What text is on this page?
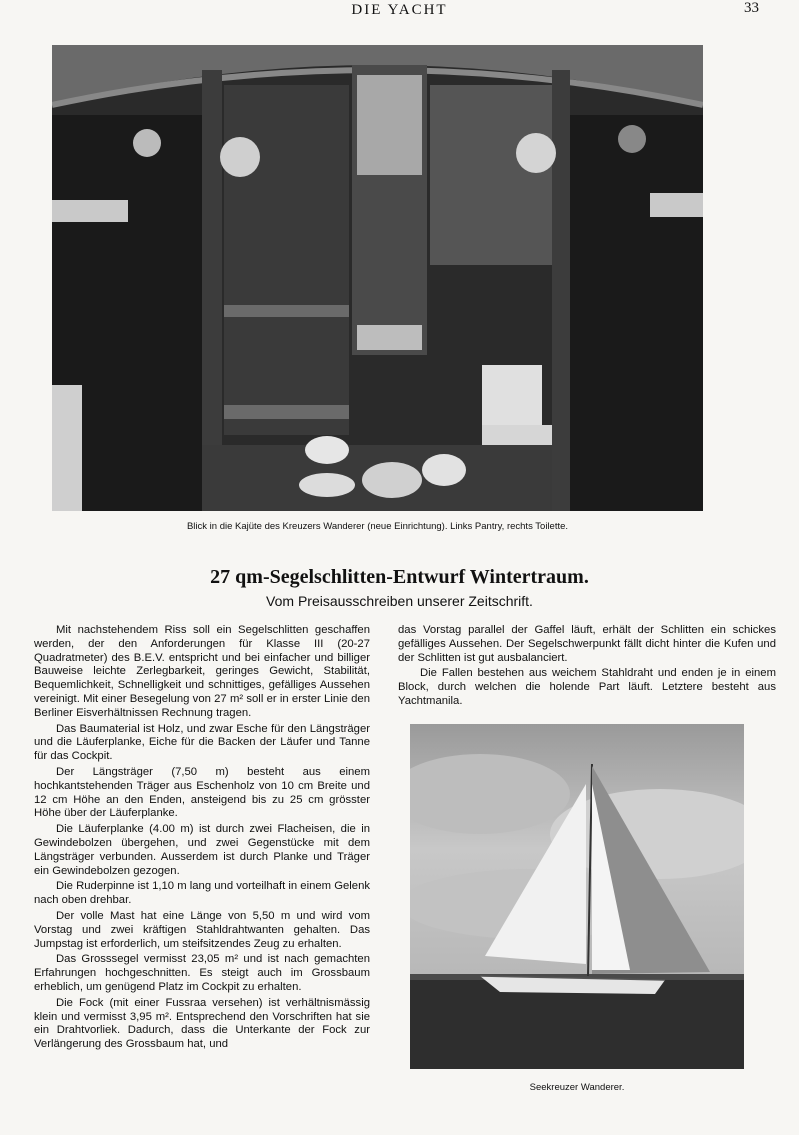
DIE YACHT	33
Blick in die Kajüte des Kreuzers Wanderer (neue Einrichtung). Links Pantry, rechts Toilette.
27 qm-Segelschlitten-Entwurf Wintertraum.
Vom Preisausschreiben unserer Zeitschrift.

Mit nachstehendem Riss soll ein Segelschlitten geschaffen werden, der den Anforderungen für Klasse III (20-27 Quadratmeter) des B.E.V. entspricht und bei einfacher und billiger Bauweise leichte Zerlegbarkeit, geringes Gewicht, Stabilität, Bequemlichkeit, Schnelligkeit und schnittiges, gefälliges Aussehen vereinigt. Mit einer Besegelung von 27 m² soll er in erster Linie den Berliner Eisverhältnissen Rechnung tragen.

Das Baumaterial ist Holz, und zwar Esche für den Längsträger und die Läuferplanke, Eiche für die Backen der Läufer und Tanne für das Cockpit.

Der Längsträger (7,50 m) besteht aus einem hochkantstehenden Träger aus Eschenholz von 10 cm Breite und 12 cm Höhe an den Enden, ansteigend bis zu 25 cm grösster Höhe über der Läuferplanke.

Die Läuferplanke (4.00 m) ist durch zwei Flacheisen, die in Gewindebolzen übergehen, und zwei Gegenstücke mit dem Längsträger verbunden. Ausserdem ist durch Planke und Träger ein Gewindebolzen gezogen.

Die Ruderpinne ist 1,10 m lang und vorteilhaft in einem Gelenk nach oben drehbar.

Der volle Mast hat eine Länge von 5,50 m und wird vom Vorstag und zwei kräftigen Stahldrahtwanten gehalten. Das Jumpstag ist erforderlich, um steifsitzendes Zeug zu erhalten.

Das Grosssegel vermisst 23,05 m² und ist nach gemachten Erfahrungen hochgeschnitten. Es steigt auch im Grossbaum erheblich, um genügend Platz im Cockpit zu erhalten.

Die Fock (mit einer Fussraa versehen) ist verhältnismässig klein und vermisst 3,95 m². Entsprechend den Vorschriften hat sie ein Drahtvorliek. Dadurch, dass die Unterkante der Fock zur Verlängerung des Grossbaum hat, und

das Vorstag parallel der Gaffel läuft, erhält der Schlitten ein schickes gefälliges Aussehen. Der Segelschwerpunkt fällt dicht hinter die Kufen und der Schlitten ist gut ausbalanciert.

Die Fallen bestehen aus weichem Stahldraht und enden je in einem Block, durch welchen die holende Part läuft. Letztere besteht aus Yachtmanila.

Seekreuzer Wanderer.
